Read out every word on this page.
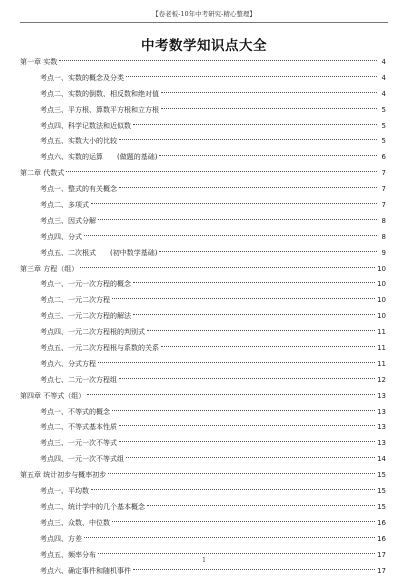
【卷老板-10年中考研究-精心整理】
中考数学知识点大全
第一章 实数	4
考点一、实数的概念及分类	4
考点二、实数的倒数、相反数和绝对值	4
考点三、平方根、算数平方根和立方根	5
考点四、科学记数法和近似数	5
考点五、实数大小的比较	5
考点六、实数的运算 (做题的基础)	6
第二章 代数式	7
考点一、整式的有关概念	7
考点二、多项式	7
考点三、因式分解	8
考点四、分式	8
考点五、二次根式 (初中数学基础)	9
第三章 方程（组）	10
考点一、一元一次方程的概念	10
考点二、一元二次方程	10
考点三、一元二次方程的解法	10
考点四、一元二次方程根的判别式	11
考点五、一元二次方程根与系数的关系	11
考点六、分式方程	11
考点七、二元一次方程组	12
第四章 不等式（组）	13
考点一、不等式的概念	13
考点二、不等式基本性质	13
考点三、一元一次不等式	13
考点四、一元一次不等式组	14
第五章 统计初步与概率初步	15
考点一、平均数	15
考点二、统计学中的几个基本概念	15
考点三、众数、中位数	16
考点四、方差	16
考点五、频率分布	17
考点六、确定事件和随机事件	17
1
